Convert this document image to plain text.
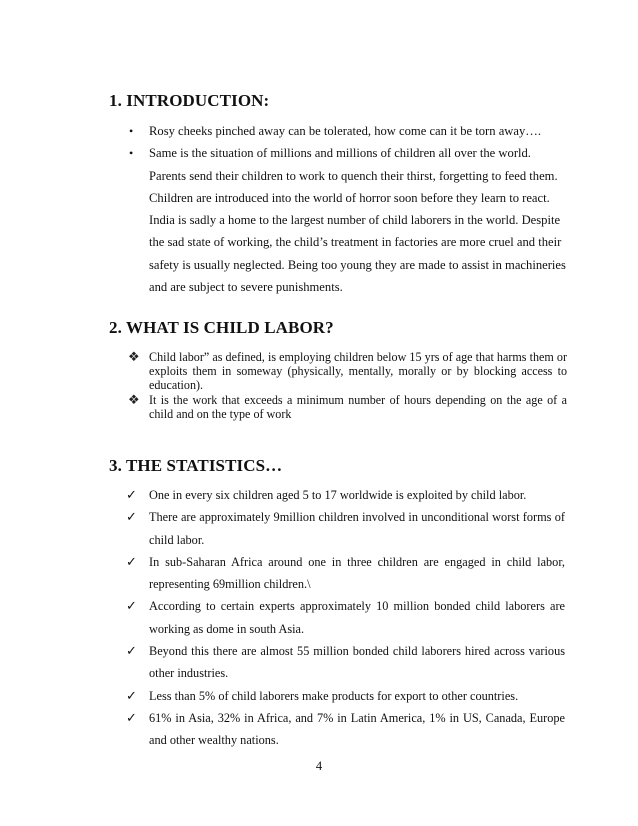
1. INTRODUCTION:
• Rosy cheeks pinched away can be tolerated, how come can it be torn away….
• Same is the situation of millions and millions of children all over the world. Parents send their children to work to quench their thirst, forgetting to feed them. Children are introduced into the world of horror soon before they learn to react. India is sadly a home to the largest number of child laborers in the world. Despite the sad state of working, the child’s treatment in factories are more cruel and their safety is usually neglected. Being too young they are made to assist in machineries and are subject to severe punishments.
2. WHAT IS CHILD LABOR?
❖ Child labor” as defined, is employing children below 15 yrs of age that harms them or exploits them in someway (physically, mentally, morally or by blocking access to education).
❖ It is the work that exceeds a minimum number of hours depending on the age of a child and on the type of work
3. THE STATISTICS…
✓ One in every six children aged 5 to 17 worldwide is exploited by child labor.
✓ There are approximately 9million children involved in unconditional worst forms of child labor.
✓ In sub-Saharan Africa around one in three children are engaged in child labor, representing 69million children.\
✓ According to certain experts approximately 10 million bonded child laborers are working as dome in south Asia.
✓ Beyond this there are almost 55 million bonded child laborers hired across various other industries.
✓ Less than 5% of child laborers make products for export to other countries.
✓ 61% in Asia, 32% in Africa, and 7% in Latin America, 1% in US, Canada, Europe and other wealthy nations.
4
